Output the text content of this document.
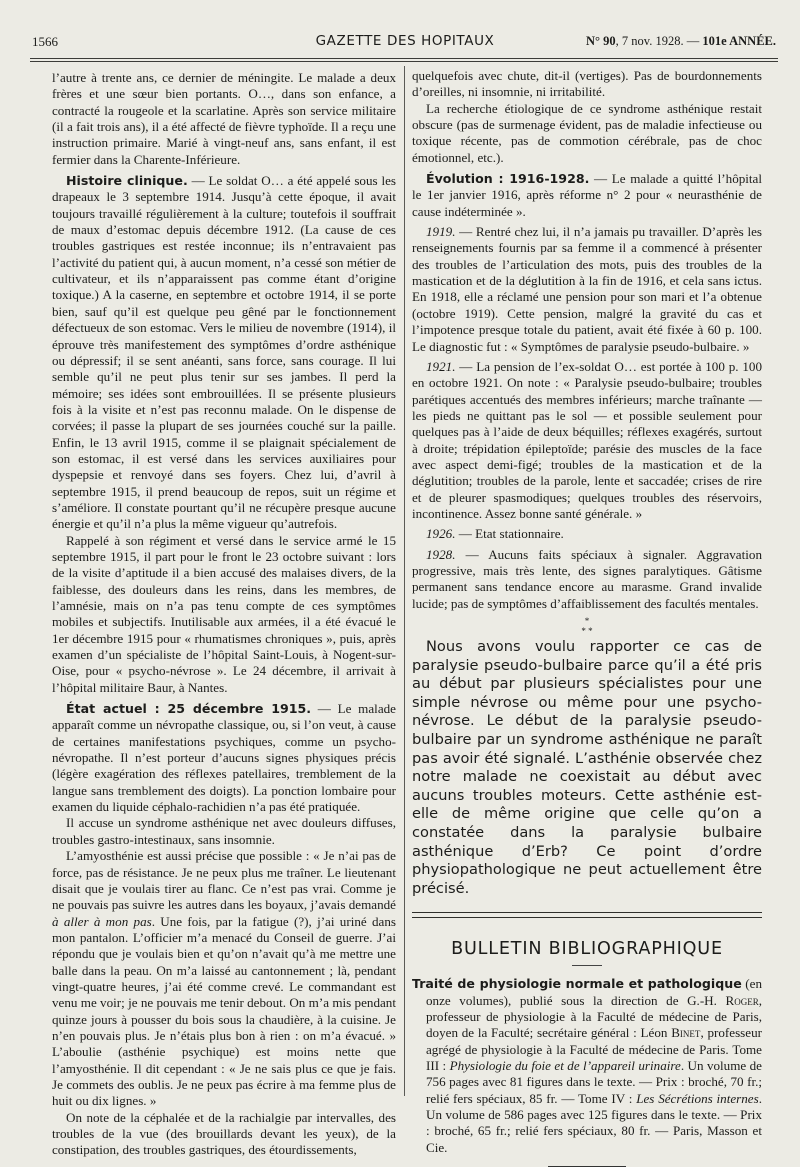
1566	GAZETTE DES HOPITAUX	N° 90, 7 nov. 1928. — 101e ANNÉE.

l’autre à trente ans, ce dernier de méningite. Le malade a deux frères et une sœur bien portants. O…, dans son enfance, a contracté la rougeole et la scarlatine. Après son service militaire (il a fait trois ans), il a été affecté de fièvre typhoïde. Il a reçu une instruction primaire. Marié à vingt-neuf ans, sans enfant, il est fermier dans la Charente-Inférieure.

Histoire clinique. — Le soldat O… a été appelé sous les drapeaux le 3 septembre 1914. Jusqu’à cette époque, il avait toujours travaillé régulièrement à la culture; toutefois il souffrait de maux d’estomac depuis décembre 1912. (La cause de ces troubles gastriques est restée inconnue; ils n’entravaient pas l’activité du patient qui, à aucun moment, n’a cessé son métier de cultivateur, et ils n’apparaissent pas comme étant d’origine toxique.) A la caserne, en septembre et octobre 1914, il se porte bien, sauf qu’il est quelque peu gêné par le fonctionnement défectueux de son estomac. Vers le milieu de novembre (1914), il éprouve très manifestement des symptômes d’ordre asthénique ou dépressif; il se sent anéanti, sans force, sans courage. Il lui semble qu’il ne peut plus tenir sur ses jambes. Il perd la mémoire; ses idées sont embrouillées. Il se présente plusieurs fois à la visite et n’est pas reconnu malade. On le dispense de corvées; il passe la plupart de ses journées couché sur la paille. Enfin, le 13 avril 1915, comme il se plaignait spécialement de son estomac, il est versé dans les services auxiliaires pour dyspepsie et renvoyé dans ses foyers. Chez lui, d’avril à septembre 1915, il prend beaucoup de repos, suit un régime et s’améliore. Il constate pourtant qu’il ne récupère presque aucune énergie et qu’il n’a plus la même vigueur qu’autrefois.

Rappelé à son régiment et versé dans le service armé le 15 septembre 1915, il part pour le front le 23 octobre suivant : lors de la visite d’aptitude il a bien accusé des malaises divers, de la faiblesse, des douleurs dans les reins, dans les membres, de l’amnésie, mais on n’a pas tenu compte de ces symptômes mobiles et subjectifs. Inutilisable aux armées, il a été évacué le 1er décembre 1915 pour « rhumatismes chroniques », puis, après examen d’un spécialiste de l’hôpital Saint-Louis, à Nogent-sur-Oise, pour « psycho-névrose ». Le 24 décembre, il arrivait à l’hôpital militaire Baur, à Nantes.

État actuel : 25 décembre 1915. — Le malade apparaît comme un névropathe classique, ou, si l’on veut, à cause de certaines manifestations psychiques, comme un psycho-névropathe. Il n’est porteur d’aucuns signes physiques précis (légère exagération des réflexes patellaires, tremblement de la langue sans tremblement des doigts). La ponction lombaire pour examen du liquide céphalo-rachidien n’a pas été pratiquée.

Il accuse un syndrome asthénique net avec douleurs diffuses, troubles gastro-intestinaux, sans insomnie.

L’amyosthénie est aussi précise que possible : « Je n’ai pas de force, pas de résistance. Je ne peux plus me traîner. Le lieutenant disait que je voulais tirer au flanc. Ce n’est pas vrai. Comme je ne pouvais pas suivre les autres dans les boyaux, j’avais demandé à aller à mon pas. Une fois, par la fatigue (?), j’ai uriné dans mon pantalon. L’officier m’a menacé du Conseil de guerre. J’ai répondu que je voulais bien et qu’on n’avait qu’à me mettre une balle dans la peau. On m’a laissé au cantonnement ; là, pendant vingt-quatre heures, j’ai été comme crevé. Le commandant est venu me voir; je ne pouvais me tenir debout. On m’a mis pendant quinze jours à pousser du bois sous la chaudière, à la cuisine. Je n’en pouvais plus. Je n’étais plus bon à rien : on m’a évacué. » L’aboulie (asthénie psychique) est moins nette que l’amyosthénie. Il dit cependant : « Je ne sais plus ce que je fais. Je commets des oublis. Je ne peux pas écrire à ma femme plus de huit ou dix lignes. »

On note de la céphalée et de la rachialgie par intervalles, des troubles de la vue (des brouillards devant les yeux), de la constipation, des troubles gastriques, des étourdissements,

quelquefois avec chute, dit-il (vertiges). Pas de bourdonnements d’oreilles, ni insomnie, ni irritabilité.

La recherche étiologique de ce syndrome asthénique restait obscure (pas de surmenage évident, pas de maladie infectieuse ou toxique récente, pas de commotion cérébrale, pas de choc émotionnel, etc.).

Évolution : 1916-1928. — Le malade a quitté l’hôpital le 1er janvier 1916, après réforme n° 2 pour « neurasthénie de cause indéterminée ».

1919. — Rentré chez lui, il n’a jamais pu travailler. D’après les renseignements fournis par sa femme il a commencé à présenter des troubles de l’articulation des mots, puis des troubles de la mastication et de la déglutition à la fin de 1916, et cela sans ictus. En 1918, elle a réclamé une pension pour son mari et l’a obtenue (octobre 1919). Cette pension, malgré la gravité du cas et l’impotence presque totale du patient, avait été fixée à 60 p. 100. Le diagnostic fut : « Symptômes de paralysie pseudo-bulbaire. »

1921. — La pension de l’ex-soldat O… est portée à 100 p. 100 en octobre 1921. On note : « Paralysie pseudo-bulbaire; troubles parétiques accentués des membres inférieurs; marche traînante — les pieds ne quittant pas le sol — et possible seulement pour quelques pas à l’aide de deux béquilles; réflexes exagérés, surtout à droite; trépidation épileptoïde; parésie des muscles de la face avec aspect demi-figé; troubles de la mastication et de la déglutition; troubles de la parole, lente et saccadée; crises de rire et de pleurer spasmodiques; quelques troubles des réservoirs, incontinence. Assez bonne santé générale. »

1926. — Etat stationnaire.

1928. — Aucuns faits spéciaux à signaler. Aggravation progressive, mais très lente, des signes paralytiques. Gâtisme permanent sans tendance encore au marasme. Grand invalide lucide; pas de symptômes d’affaiblissement des facultés mentales.

*
* *

Nous avons voulu rapporter ce cas de paralysie pseudo-bulbaire parce qu’il a été pris au début par plusieurs spécialistes pour une simple névrose ou même pour une psycho-névrose. Le début de la paralysie pseudo-bulbaire par un syndrome asthénique ne paraît pas avoir été signalé. L’asthénie observée chez notre malade ne coexistait au début avec aucuns troubles moteurs. Cette asthénie est-elle de même origine que celle qu’on a constatée dans la paralysie bulbaire asthénique d’Erb? Ce point d’ordre physiopathologique ne peut actuellement être précisé.

BULLETIN BIBLIOGRAPHIQUE

Traité de physiologie normale et pathologique (en onze volumes), publié sous la direction de G.-H. Roger, professeur de physiologie à la Faculté de médecine de Paris, doyen de la Faculté; secrétaire général : Léon Binet, professeur agrégé de physiologie à la Faculté de médecine de Paris. Tome III : Physiologie du foie et de l’appareil urinaire. Un volume de 756 pages avec 81 figures dans le texte. — Prix : broché, 70 fr.; relié fers spéciaux, 85 fr. — Tome IV : Les Sécrétions internes. Un volume de 586 pages avec 125 figures dans le texte. — Prix : broché, 65 fr.; relié fers spéciaux, 80 fr. — Paris, Masson et Cie.
